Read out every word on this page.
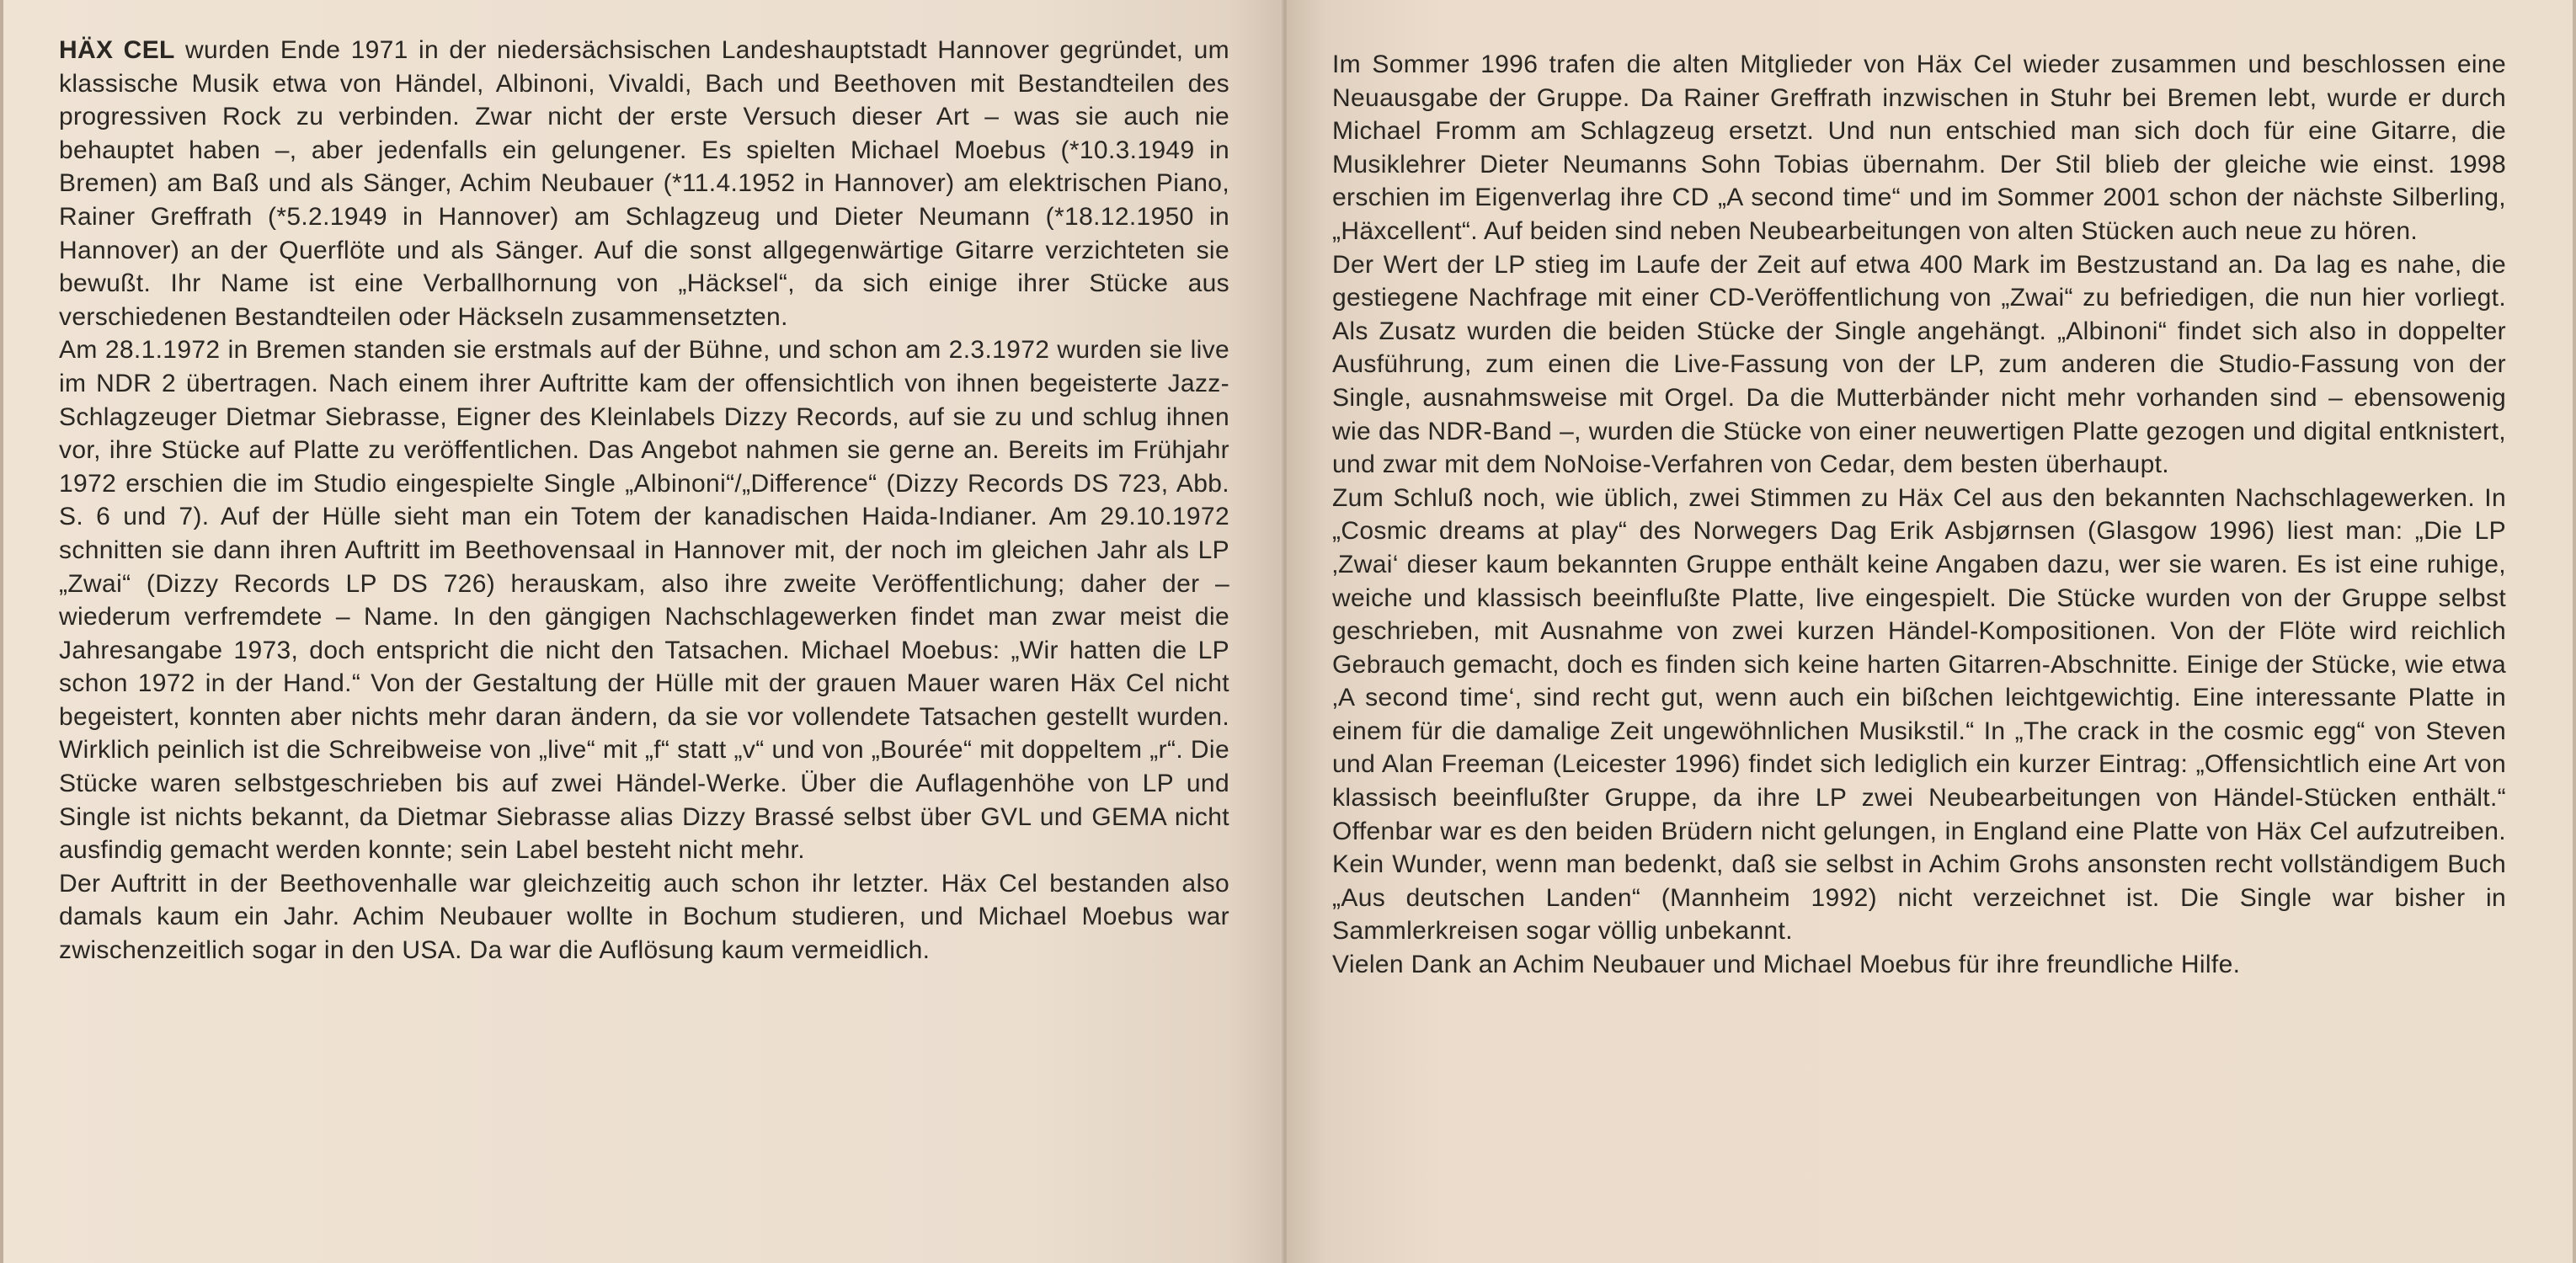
HÄX CEL wurden Ende 1971 in der niedersächsischen Landeshauptstadt Hannover gegründet, um klassische Musik etwa von Händel, Albinoni, Vivaldi, Bach und Beethoven mit Bestandteilen des progressiven Rock zu verbinden. Zwar nicht der erste Versuch dieser Art – was sie auch nie behauptet haben –, aber jedenfalls ein gelungener. Es spielten Michael Moebus (*10.3.1949 in Bremen) am Baß und als Sänger, Achim Neubauer (*11.4.1952 in Hannover) am elektrischen Piano, Rainer Greffrath (*5.2.1949 in Hannover) am Schlagzeug und Dieter Neumann (*18.12.1950 in Hannover) an der Querflöte und als Sänger. Auf die sonst allgegenwärtige Gitarre verzichteten sie bewußt. Ihr Name ist eine Verballhornung von „Häcksel“, da sich einige ihrer Stücke aus verschiedenen Bestandteilen oder Häckseln zusammensetzten.

Am 28.1.1972 in Bremen standen sie erstmals auf der Bühne, und schon am 2.3.1972 wurden sie live im NDR 2 übertragen. Nach einem ihrer Auftritte kam der offensichtlich von ihnen begeisterte Jazz-Schlagzeuger Dietmar Siebrasse, Eigner des Kleinlabels Dizzy Records, auf sie zu und schlug ihnen vor, ihre Stücke auf Platte zu veröffentlichen. Das Angebot nahmen sie gerne an. Bereits im Frühjahr 1972 erschien die im Studio eingespielte Single „Albinoni“/„Difference“ (Dizzy Records DS 723, Abb. S. 6 und 7). Auf der Hülle sieht man ein Totem der kanadischen Haida-Indianer. Am 29.10.1972 schnitten sie dann ihren Auftritt im Beethovensaal in Hannover mit, der noch im gleichen Jahr als LP „Zwai“ (Dizzy Records LP DS 726) herauskam, also ihre zweite Veröffentlichung; daher der – wiederum verfremdete – Name. In den gängigen Nachschlagewerken findet man zwar meist die Jahresangabe 1973, doch entspricht die nicht den Tatsachen. Michael Moebus: „Wir hatten die LP schon 1972 in der Hand.“ Von der Gestaltung der Hülle mit der grauen Mauer waren Häx Cel nicht begeistert, konnten aber nichts mehr daran ändern, da sie vor vollendete Tatsachen gestellt wurden. Wirklich peinlich ist die Schreibweise von „live“ mit „f“ statt „v“ und von „Bourée“ mit doppeltem „r“. Die Stücke waren selbstgeschrieben bis auf zwei Händel-Werke. Über die Auflagenhöhe von LP und Single ist nichts bekannt, da Dietmar Siebrasse alias Dizzy Brassé selbst über GVL und GEMA nicht ausfindig gemacht werden konnte; sein Label besteht nicht mehr.

Der Auftritt in der Beethovenhalle war gleichzeitig auch schon ihr letzter. Häx Cel bestanden also damals kaum ein Jahr. Achim Neubauer wollte in Bochum studieren, und Michael Moebus war zwischenzeitlich sogar in den USA. Da war die Auflösung kaum vermeidlich.

Im Sommer 1996 trafen die alten Mitglieder von Häx Cel wieder zusammen und beschlossen eine Neuausgabe der Gruppe. Da Rainer Greffrath inzwischen in Stuhr bei Bremen lebt, wurde er durch Michael Fromm am Schlagzeug ersetzt. Und nun entschied man sich doch für eine Gitarre, die Musiklehrer Dieter Neumanns Sohn Tobias übernahm. Der Stil blieb der gleiche wie einst. 1998 erschien im Eigenverlag ihre CD „A second time“ und im Sommer 2001 schon der nächste Silberling, „Häxcellent“. Auf beiden sind neben Neubearbeitungen von alten Stücken auch neue zu hören.

Der Wert der LP stieg im Laufe der Zeit auf etwa 400 Mark im Bestzustand an. Da lag es nahe, die gestiegene Nachfrage mit einer CD-Veröffentlichung von „Zwai“ zu befriedigen, die nun hier vorliegt. Als Zusatz wurden die beiden Stücke der Single angehängt. „Albinoni“ findet sich also in doppelter Ausführung, zum einen die Live-Fassung von der LP, zum anderen die Studio-Fassung von der Single, ausnahmsweise mit Orgel. Da die Mutterbänder nicht mehr vorhanden sind – ebensowenig wie das NDR-Band –, wurden die Stücke von einer neuwertigen Platte gezogen und digital entknistert, und zwar mit dem NoNoise-Verfahren von Cedar, dem besten überhaupt.

Zum Schluß noch, wie üblich, zwei Stimmen zu Häx Cel aus den bekannten Nachschlagewerken. In „Cosmic dreams at play“ des Norwegers Dag Erik Asbjørnsen (Glasgow 1996) liest man: „Die LP ‚Zwai‘ dieser kaum bekannten Gruppe enthält keine Angaben dazu, wer sie waren. Es ist eine ruhige, weiche und klassisch beeinflußte Platte, live eingespielt. Die Stücke wurden von der Gruppe selbst geschrieben, mit Ausnahme von zwei kurzen Händel-Kompositionen. Von der Flöte wird reichlich Gebrauch gemacht, doch es finden sich keine harten Gitarren-Abschnitte. Einige der Stücke, wie etwa ‚A second time‘, sind recht gut, wenn auch ein bißchen leichtgewichtig. Eine interessante Platte in einem für die damalige Zeit ungewöhnlichen Musikstil.“ In „The crack in the cosmic egg“ von Steven und Alan Freeman (Leicester 1996) findet sich lediglich ein kurzer Eintrag: „Offensichtlich eine Art von klassisch beeinflußter Gruppe, da ihre LP zwei Neubearbeitungen von Händel-Stücken enthält.“ Offenbar war es den beiden Brüdern nicht gelungen, in England eine Platte von Häx Cel aufzutreiben. Kein Wunder, wenn man bedenkt, daß sie selbst in Achim Grohs ansonsten recht vollständigem Buch „Aus deutschen Landen“ (Mannheim 1992) nicht verzeichnet ist. Die Single war bisher in Sammlerkreisen sogar völlig unbekannt.

Vielen Dank an Achim Neubauer und Michael Moebus für ihre freundliche Hilfe.
